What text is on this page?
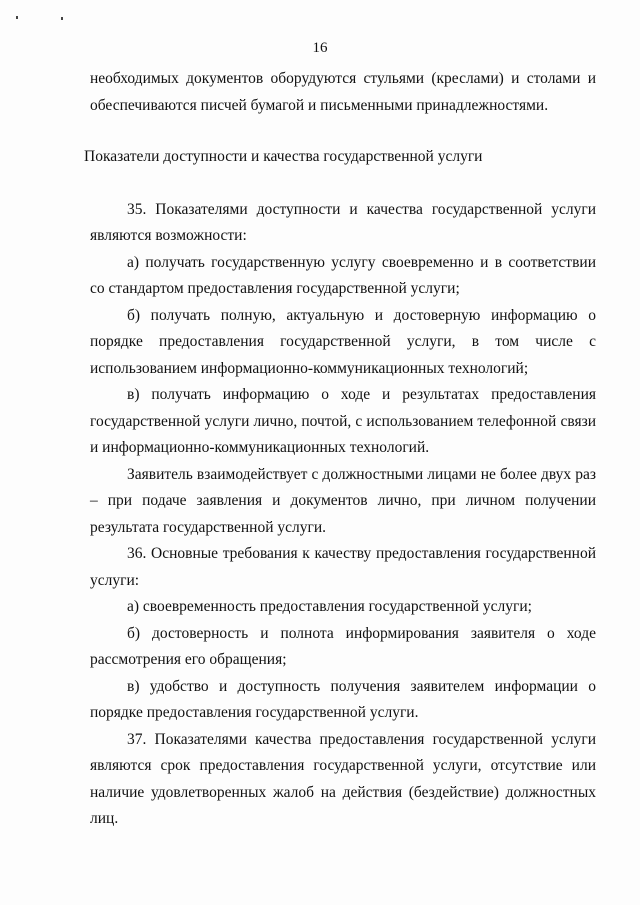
16

необходимых документов оборудуются стульями (креслами) и столами и обеспечиваются писчей бумагой и письменными принадлежностями.

Показатели доступности и качества государственной услуги

35. Показателями доступности и качества государственной услуги являются возможности:

а) получать государственную услугу своевременно и в соответствии со стандартом предоставления государственной услуги;

б) получать полную, актуальную и достоверную информацию о порядке предоставления государственной услуги, в том числе с использованием информационно-коммуникационных технологий;

в) получать информацию о ходе и результатах предоставления государственной услуги лично, почтой, с использованием телефонной связи и информационно-коммуникационных технологий.

Заявитель взаимодействует с должностными лицами не более двух раз – при подаче заявления и документов лично, при личном получении результата государственной услуги.

36. Основные требования к качеству предоставления государственной услуги:

а) своевременность предоставления государственной услуги;

б) достоверность и полнота информирования заявителя о ходе рассмотрения его обращения;

в) удобство и доступность получения заявителем информации о порядке предоставления государственной услуги.

37. Показателями качества предоставления государственной услуги являются срок предоставления государственной услуги, отсутствие или наличие удовлетворенных жалоб на действия (бездействие) должностных лиц.
